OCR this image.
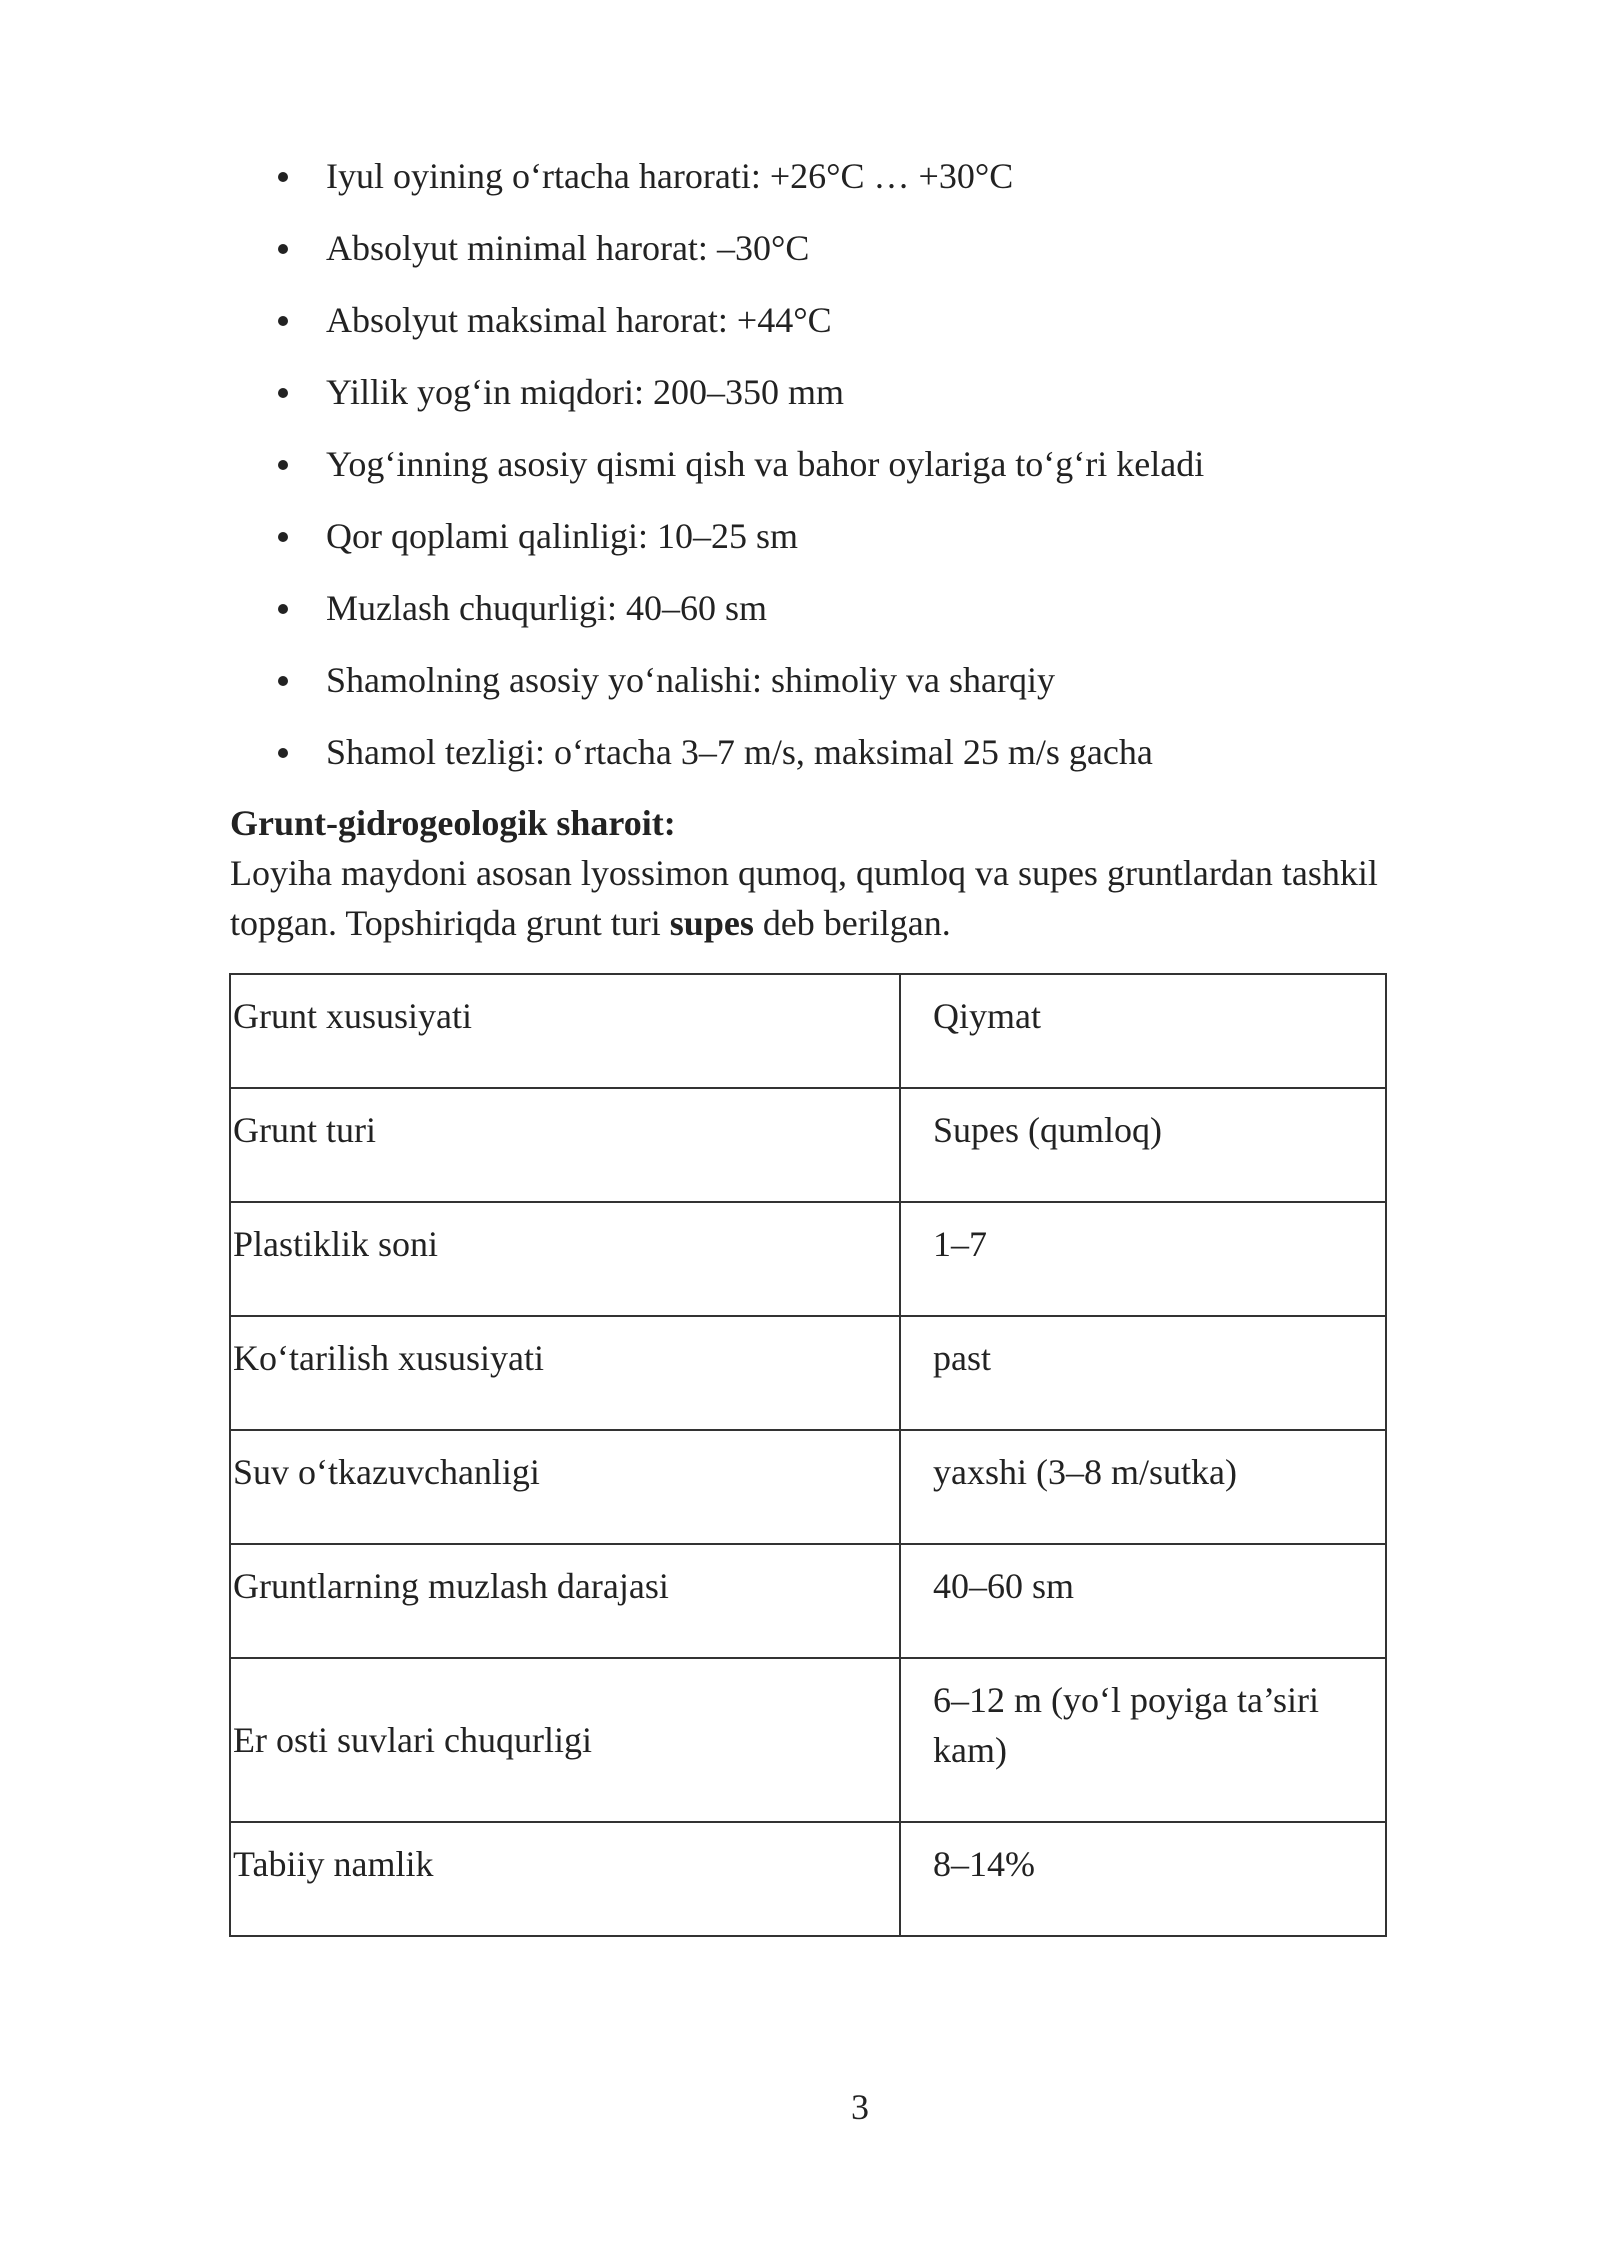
Iyul oyining o‘rtacha harorati: +26°C … +30°C
Absolyut minimal harorat: –30°C
Absolyut maksimal harorat: +44°C
Yillik yog‘in miqdori: 200–350 mm
Yog‘inning asosiy qismi qish va bahor oylariga to‘g‘ri keladi
Qor qoplami qalinligi: 10–25 sm
Muzlash chuqurligi: 40–60 sm
Shamolning asosiy yo‘nalishi: shimoliy va sharqiy
Shamol tezligi: o‘rtacha 3–7 m/s, maksimal 25 m/s gacha
Grunt-gidrogeologik sharoit:

Loyiha maydoni asosan lyossimon qumoq, qumloq va supes gruntlardan tashkil topgan. Topshiriqda grunt turi supes deb berilgan.

Grunt xususiyati	Qiymat
Grunt turi	Supes (qumloq)
Plastiklik soni	1–7
Ko‘tarilish xususiyati	past
Suv o‘tkazuvchanligi	yaxshi (3–8 m/sutka)
Gruntlarning muzlash darajasi	40–60 sm
Er osti suvlari chuqurligi	6–12 m (yo‘l poyiga ta’siri kam)
Tabiiy namlik	8–14%
3
